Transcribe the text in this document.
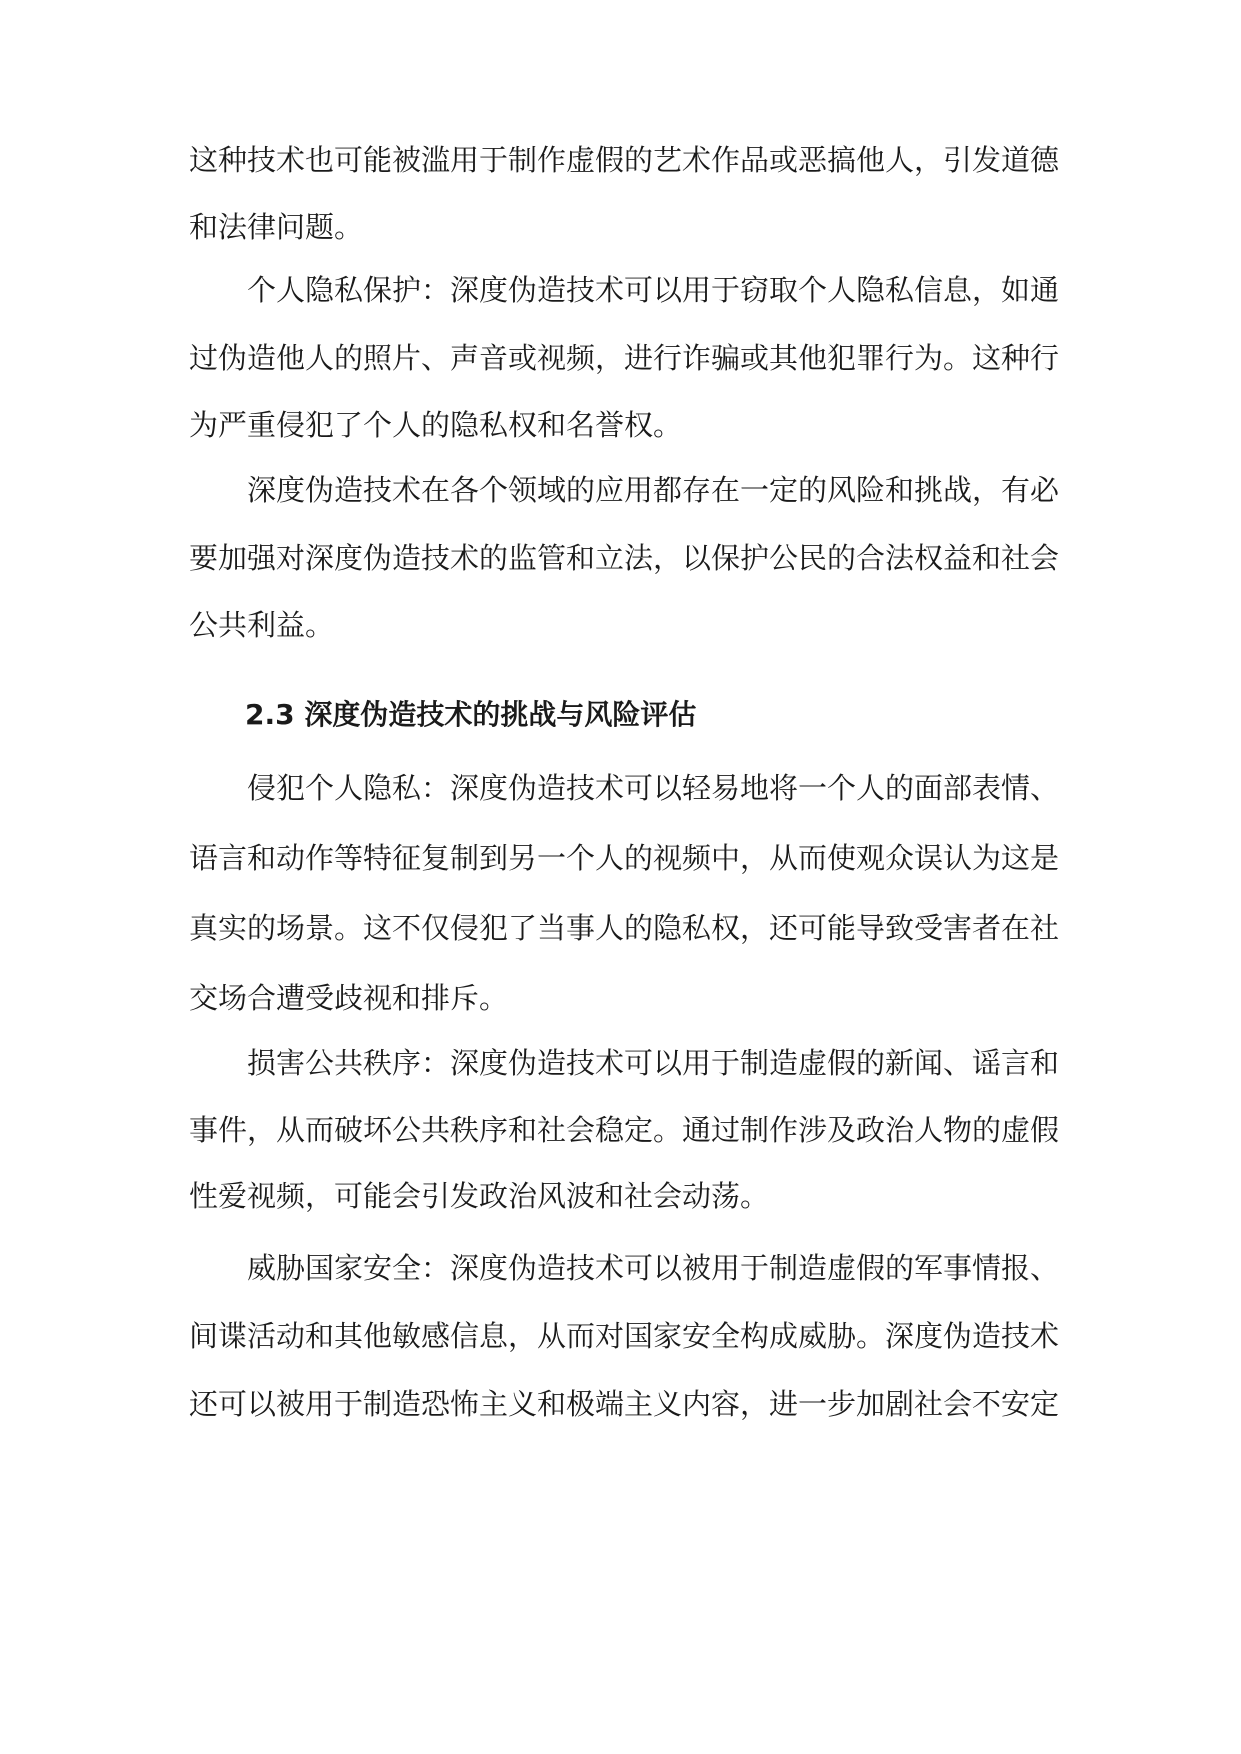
这种技术也可能被滥用于制作虚假的艺术作品或恶搞他人，引发道德
和法律问题。
个人隐私保护：深度伪造技术可以用于窃取个人隐私信息，如通
过伪造他人的照片、声音或视频，进行诈骗或其他犯罪行为。这种行
为严重侵犯了个人的隐私权和名誉权。
深度伪造技术在各个领域的应用都存在一定的风险和挑战，有必
要加强对深度伪造技术的监管和立法，以保护公民的合法权益和社会
公共利益。
2.3 深度伪造技术的挑战与风险评估
侵犯个人隐私：深度伪造技术可以轻易地将一个人的面部表情、
语言和动作等特征复制到另一个人的视频中，从而使观众误认为这是
真实的场景。这不仅侵犯了当事人的隐私权，还可能导致受害者在社
交场合遭受歧视和排斥。
损害公共秩序：深度伪造技术可以用于制造虚假的新闻、谣言和
事件，从而破坏公共秩序和社会稳定。通过制作涉及政治人物的虚假
性爱视频，可能会引发政治风波和社会动荡。
威胁国家安全：深度伪造技术可以被用于制造虚假的军事情报、
间谍活动和其他敏感信息，从而对国家安全构成威胁。深度伪造技术
还可以被用于制造恐怖主义和极端主义内容，进一步加剧社会不安定
